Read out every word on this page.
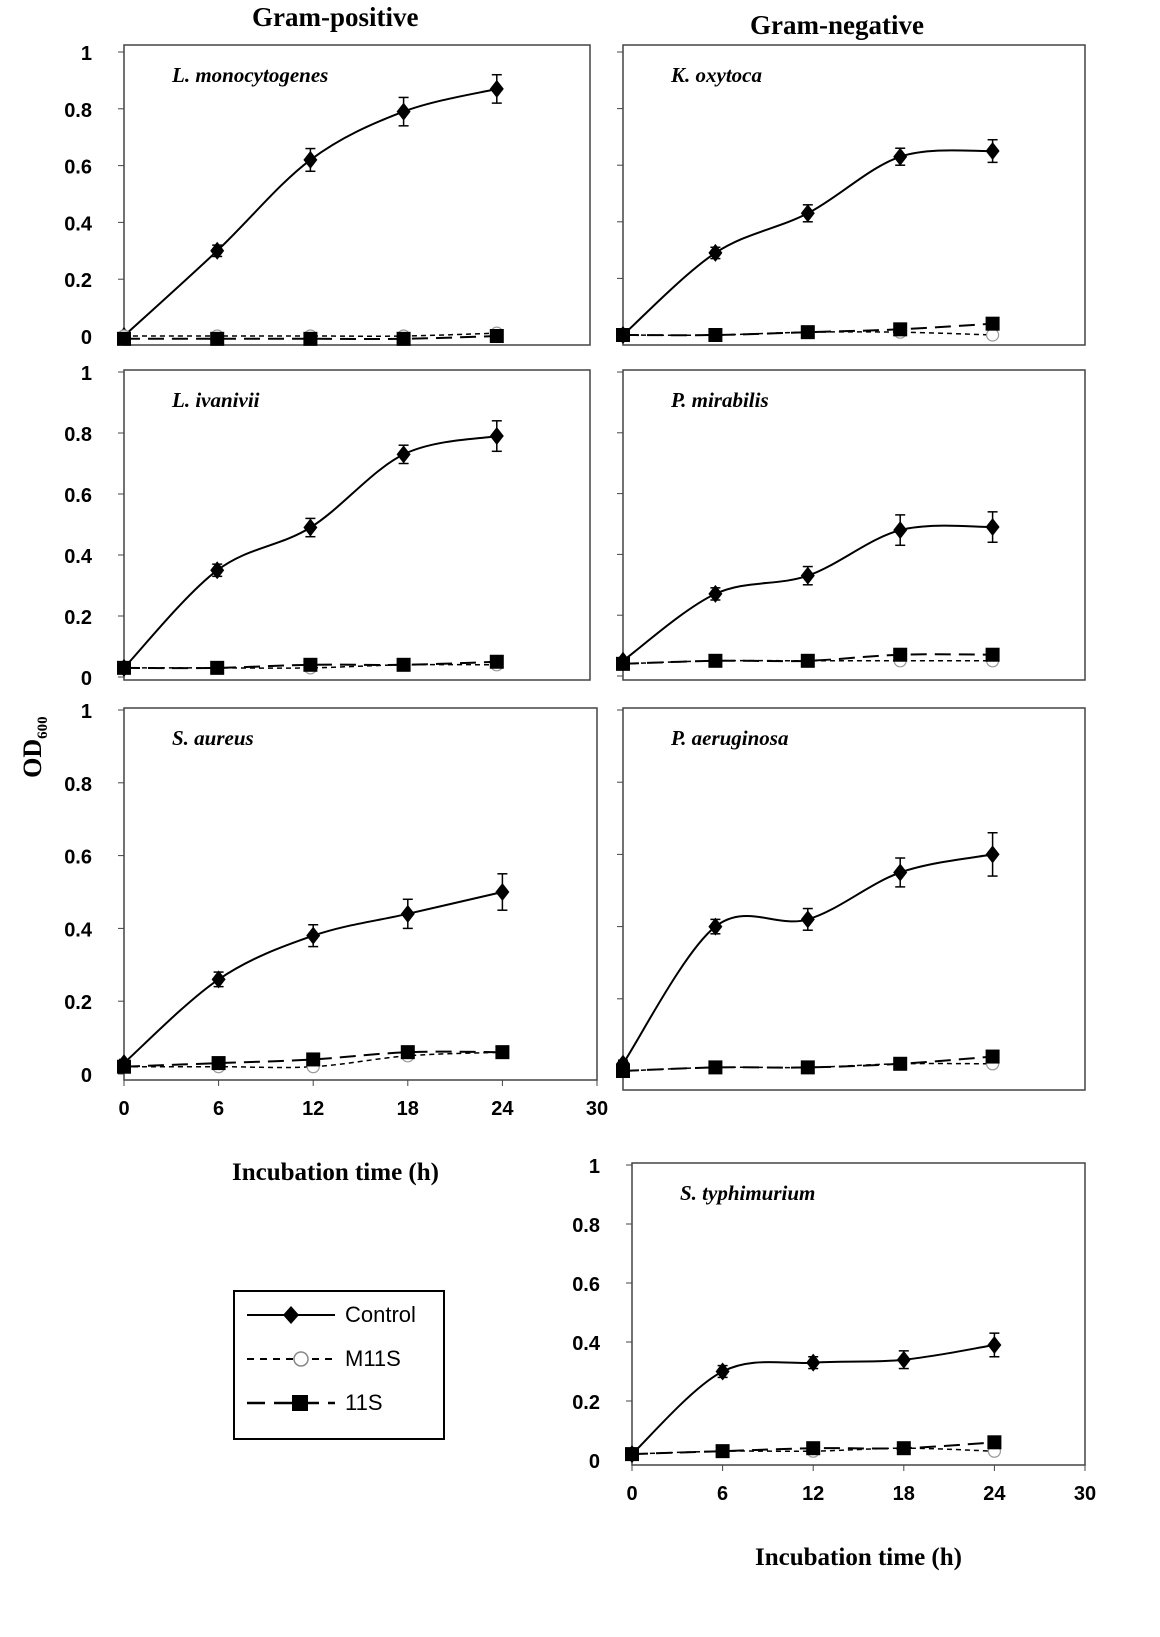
Gram-positive	Gram-negative
$OD_{600}$
0
0.2
0.4
0.6
0.8
1
L. monocytogenes	K. oxytoca
0
0.2
0.4
0.6
0.8
1
L. ivanivii	P. mirabilis
0
0.2
0.4
0.6
0.8
1
0	6	12	18	24	30
Incubation time (h)
S. aureus	P. aeruginosa
0
0.2
0.4
0.6
0.8
1
0	6	12	18	24	30
Incubation time (h)
S. typhimurium
Control
M11S
11S
